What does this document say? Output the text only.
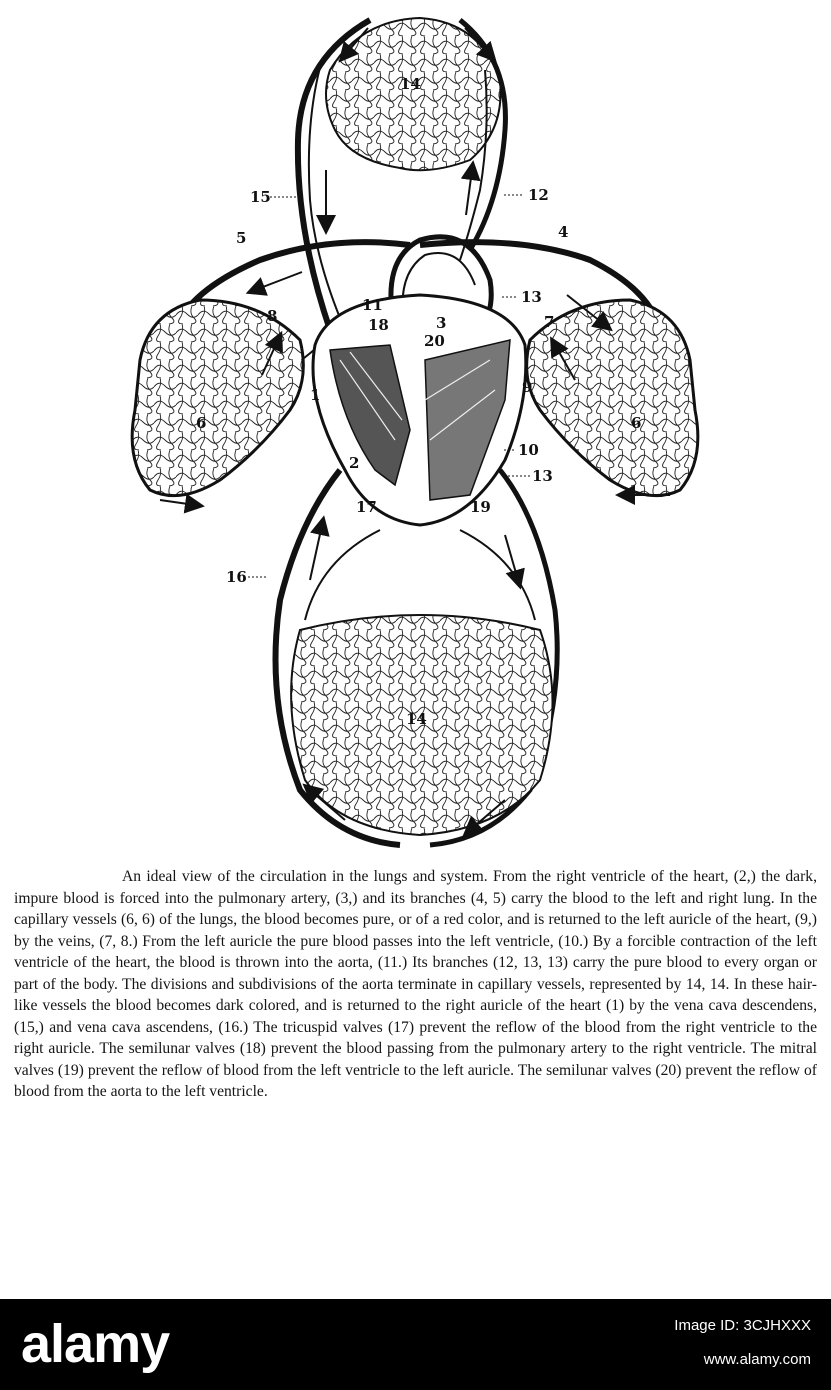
14
15	12
5	4
13
11
18	3
20
8	7
1	9
6	6
2
10
13
17	19
16
14
An ideal view of the circulation in the lungs and system. From the right ventricle of the heart, (2,) the dark, impure blood is forced into the pulmonary artery, (3,) and its branches (4, 5) carry the blood to the left and right lung. In the capillary vessels (6, 6) of the lungs, the blood becomes pure, or of a red color, and is returned to the left auricle of the heart, (9,) by the veins, (7, 8.) From the left auricle the pure blood passes into the left ventricle, (10.) By a forcible contraction of the left ventricle of the heart, the blood is thrown into the aorta, (11.) Its branches (12, 13, 13) carry the pure blood to every organ or part of the body. The divisions and subdivisions of the aorta terminate in capillary vessels, represented by 14, 14. In these hair-like vessels the blood becomes dark colored, and is returned to the right auricle of the heart (1) by the vena cava descendens, (15,) and vena cava ascendens, (16.) The tricuspid valves (17) prevent the reflow of the blood from the right ventricle to the right auricle. The semilunar valves (18) prevent the blood passing from the pulmonary artery to the right ventricle. The mitral valves (19) prevent the reflow of blood from the left ventricle to the left auricle. The semilunar valves (20) prevent the reflow of blood from the aorta to the left ventricle.
alamy	Image ID: 3CJHXXX
www.alamy.com
